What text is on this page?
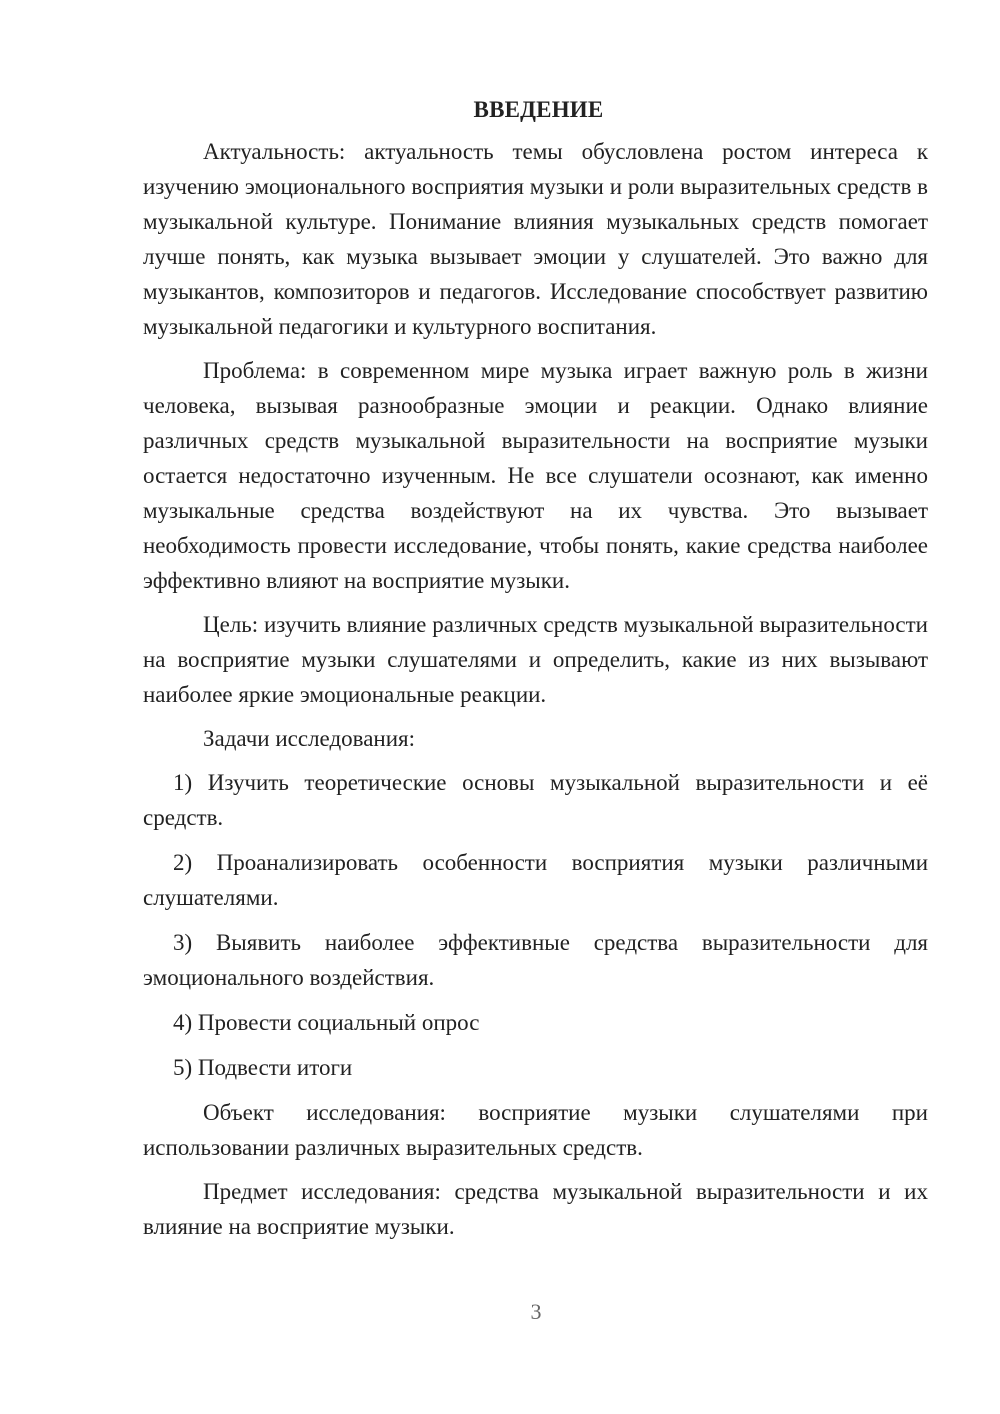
ВВЕДЕНИЕ

Актуальность: актуальность темы обусловлена ростом интереса к изучению эмоционального восприятия музыки и роли выразительных средств в музыкальной культуре. Понимание влияния музыкальных средств помогает лучше понять, как музыка вызывает эмоции у слушателей. Это важно для музыкантов, композиторов и педагогов. Исследование способствует развитию музыкальной педагогики и культурного воспитания.

Проблема: в современном мире музыка играет важную роль в жизни человека, вызывая разнообразные эмоции и реакции. Однако влияние различных средств музыкальной выразительности на восприятие музыки остается недостаточно изученным. Не все слушатели осознают, как именно музыкальные средства воздействуют на их чувства. Это вызывает необходимость провести исследование, чтобы понять, какие средства наиболее эффективно влияют на восприятие музыки.

Цель: изучить влияние различных средств музыкальной выразительности на восприятие музыки слушателями и определить, какие из них вызывают наиболее яркие эмоциональные реакции.

Задачи исследования:

1) Изучить теоретические основы музыкальной выразительности и её средств.

2) Проанализировать особенности восприятия музыки различными слушателями.

3) Выявить наиболее эффективные средства выразительности для эмоционального воздействия.

4) Провести социальный опрос

5) Подвести итоги

Объект исследования: восприятие музыки слушателями при использовании различных выразительных средств.

Предмет исследования: средства музыкальной выразительности и их влияние на восприятие музыки.

3
